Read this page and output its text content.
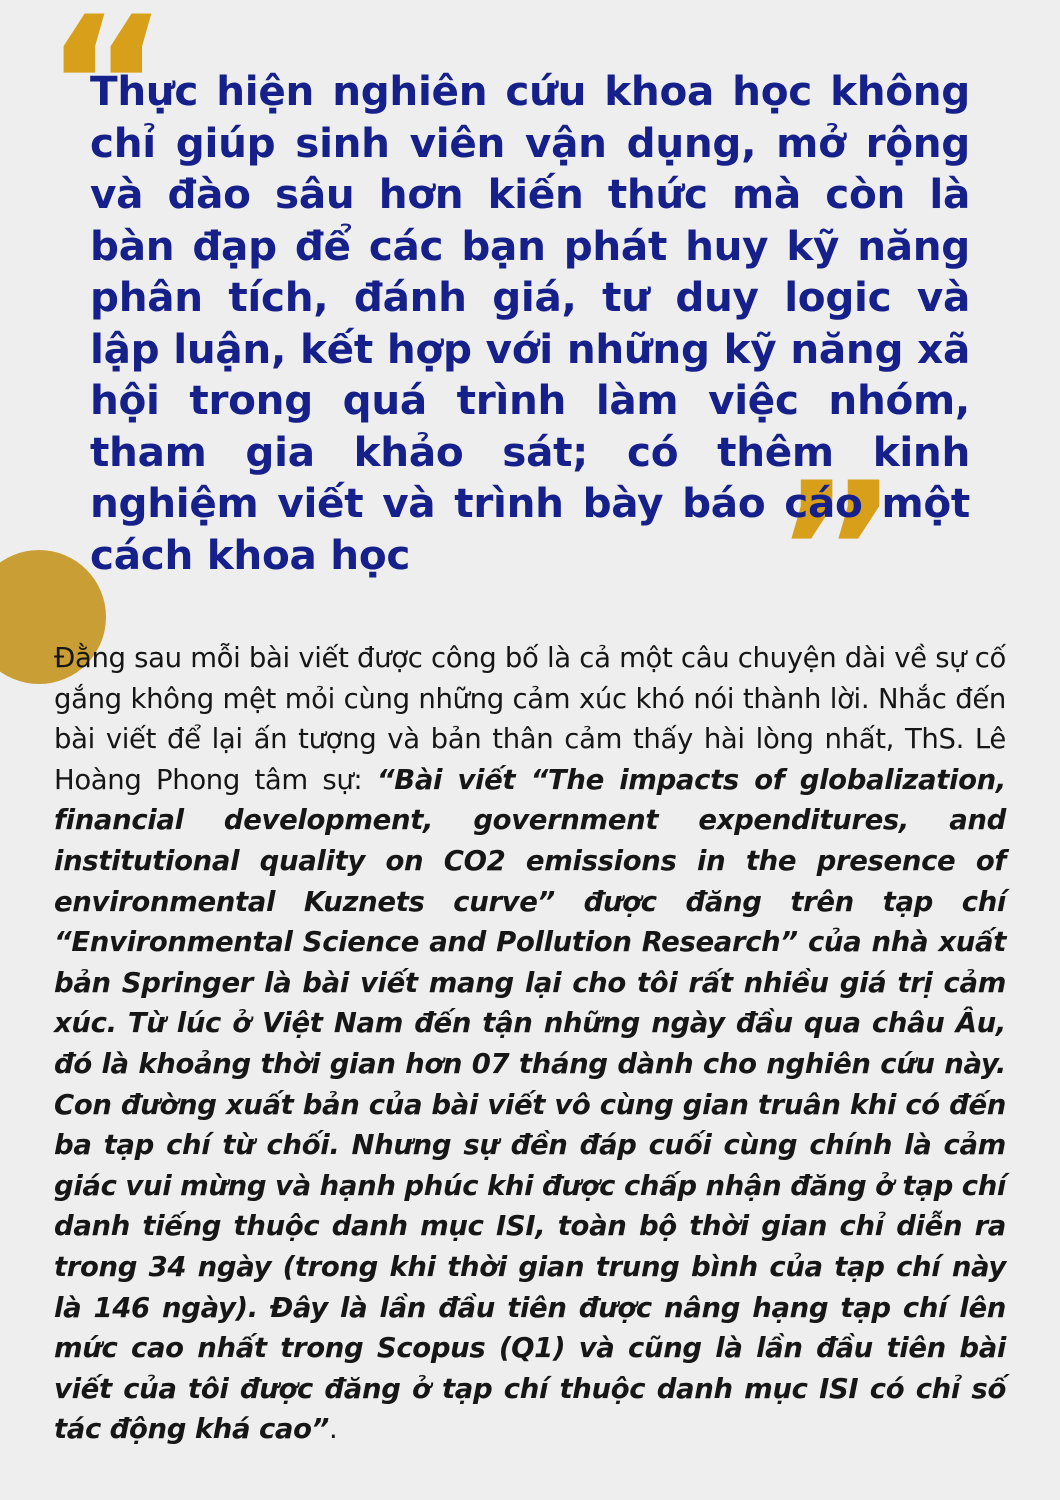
“

Thực hiện nghiên cứu khoa học không chỉ giúp sinh viên vận dụng, mở rộng và đào sâu hơn kiến thức mà còn là bàn đạp để các bạn phát huy kỹ năng phân tích, đánh giá, tư duy logic và lập luận, kết hợp với những kỹ năng xã hội trong quá trình làm việc nhóm, tham gia khảo sát; có thêm kinh nghiệm viết và trình bày báo cáo một cách khoa học	”

Đằng sau mỗi bài viết được công bố là cả một câu chuyện dài về sự cố gắng không mệt mỏi cùng những cảm xúc khó nói thành lời. Nhắc đến bài viết để lại ấn tượng và bản thân cảm thấy hài lòng nhất, ThS. Lê Hoàng Phong tâm sự: “Bài viết “The impacts of globalization, financial development, government expenditures, and institutional quality on CO2 emissions in the presence of environmental Kuznets curve” được đăng trên tạp chí “Environmental Science and Pollution Research” của nhà xuất bản Springer là bài viết mang lại cho tôi rất nhiều giá trị cảm xúc. Từ lúc ở Việt Nam đến tận những ngày đầu qua châu Âu, đó là khoảng thời gian hơn 07 tháng dành cho nghiên cứu này. Con đường xuất bản của bài viết vô cùng gian truân khi có đến ba tạp chí từ chối. Nhưng sự đền đáp cuối cùng chính là cảm giác vui mừng và hạnh phúc khi được chấp nhận đăng ở tạp chí danh tiếng thuộc danh mục ISI, toàn bộ thời gian chỉ diễn ra trong 34 ngày (trong khi thời gian trung bình của tạp chí này là 146 ngày). Đây là lần đầu tiên được nâng hạng tạp chí lên mức cao nhất trong Scopus (Q1) và cũng là lần đầu tiên bài viết của tôi được đăng ở tạp chí thuộc danh mục ISI có chỉ số tác động khá cao”.
